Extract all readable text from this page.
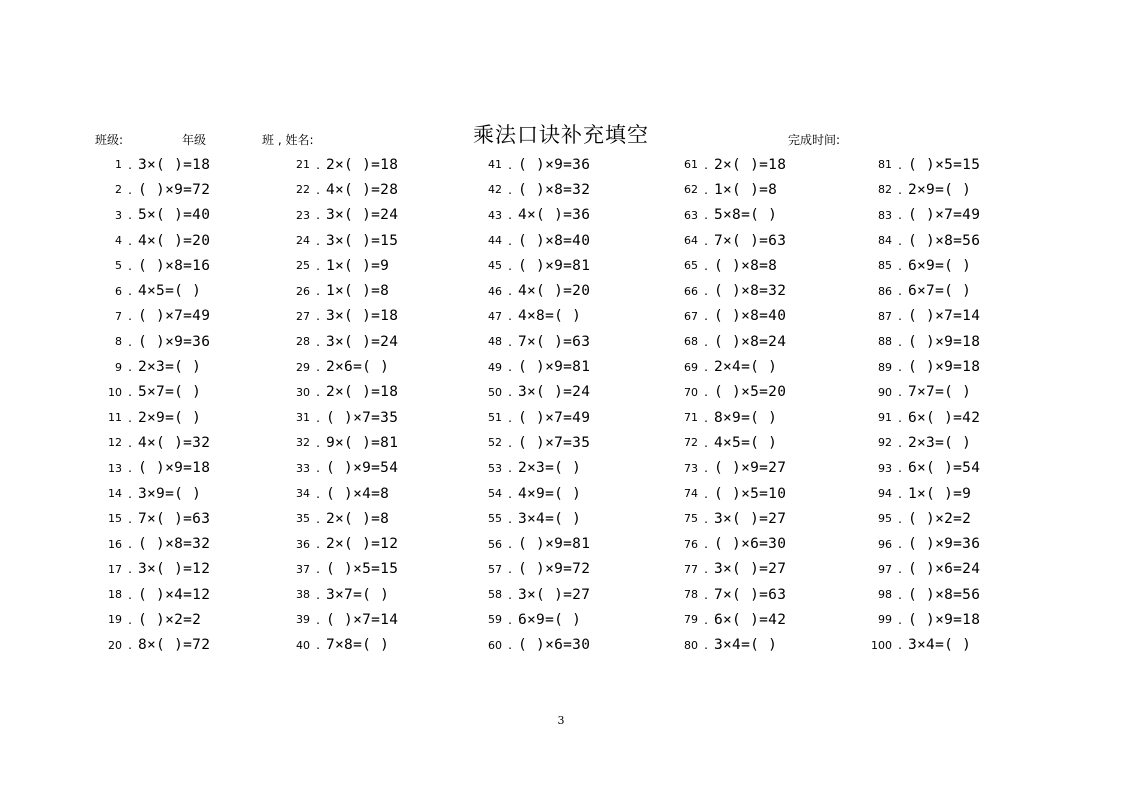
乘法口诀补充填空
班级:	年级	班 , 姓名:	完成时间:
1 . 3×( )=18
2 . ( )×9=72
3 . 5×( )=40
4 . 4×( )=20
5 . ( )×8=16
6 . 4×5=( )
7 . ( )×7=49
8 . ( )×9=36
9 . 2×3=( )
10 . 5×7=( )
11 . 2×9=( )
12 . 4×( )=32
13 . ( )×9=18
14 . 3×9=( )
15 . 7×( )=63
16 . ( )×8=32
17 . 3×( )=12
18 . ( )×4=12
19 . ( )×2=2
20 . 8×( )=72
21 . 2×( )=18
22 . 4×( )=28
23 . 3×( )=24
24 . 3×( )=15
25 . 1×( )=9
26 . 1×( )=8
27 . 3×( )=18
28 . 3×( )=24
29 . 2×6=( )
30 . 2×( )=18
31 . ( )×7=35
32 . 9×( )=81
33 . ( )×9=54
34 . ( )×4=8
35 . 2×( )=8
36 . 2×( )=12
37 . ( )×5=15
38 . 3×7=( )
39 . ( )×7=14
40 . 7×8=( )
41 . ( )×9=36
42 . ( )×8=32
43 . 4×( )=36
44 . ( )×8=40
45 . ( )×9=81
46 . 4×( )=20
47 . 4×8=( )
48 . 7×( )=63
49 . ( )×9=81
50 . 3×( )=24
51 . ( )×7=49
52 . ( )×7=35
53 . 2×3=( )
54 . 4×9=( )
55 . 3×4=( )
56 . ( )×9=81
57 . ( )×9=72
58 . 3×( )=27
59 . 6×9=( )
60 . ( )×6=30
61 . 2×( )=18
62 . 1×( )=8
63 . 5×8=( )
64 . 7×( )=63
65 . ( )×8=8
66 . ( )×8=32
67 . ( )×8=40
68 . ( )×8=24
69 . 2×4=( )
70 . ( )×5=20
71 . 8×9=( )
72 . 4×5=( )
73 . ( )×9=27
74 . ( )×5=10
75 . 3×( )=27
76 . ( )×6=30
77 . 3×( )=27
78 . 7×( )=63
79 . 6×( )=42
80 . 3×4=( )
81 . ( )×5=15
82 . 2×9=( )
83 . ( )×7=49
84 . ( )×8=56
85 . 6×9=( )
86 . 6×7=( )
87 . ( )×7=14
88 . ( )×9=18
89 . ( )×9=18
90 . 7×7=( )
91 . 6×( )=42
92 . 2×3=( )
93 . 6×( )=54
94 . 1×( )=9
95 . ( )×2=2
96 . ( )×9=36
97 . ( )×6=24
98 . ( )×8=56
99 . ( )×9=18
100 . 3×4=( )
3
